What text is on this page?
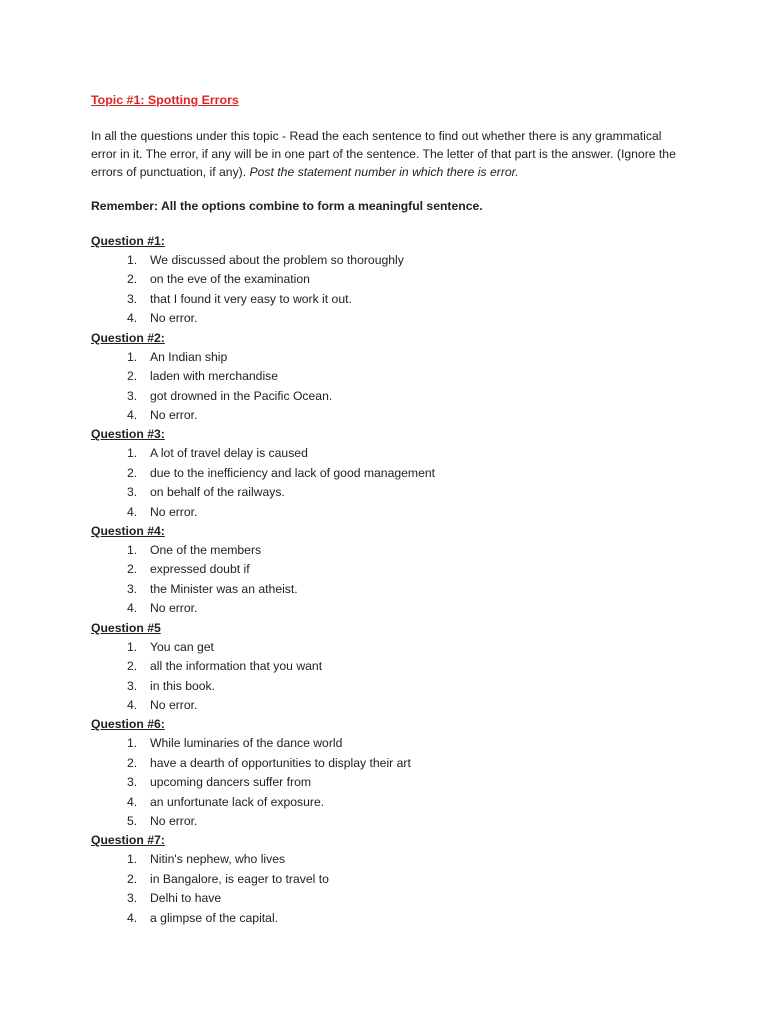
Topic #1: Spotting Errors

In all the questions under this topic - Read the each sentence to find out whether there is any grammatical error in it. The error, if any will be in one part of the sentence. The letter of that part is the answer. (Ignore the errors of punctuation, if any). Post the statement number in which there is error.

Remember: All the options combine to form a meaningful sentence.

Question #1:
1. We discussed about the problem so thoroughly
2. on the eve of the examination
3. that I found it very easy to work it out.
4. No error.
Question #2:
1. An Indian ship
2. laden with merchandise
3. got drowned in the Pacific Ocean.
4. No error.
Question #3:
1. A lot of travel delay is caused
2. due to the inefficiency and lack of good management
3. on behalf of the railways.
4. No error.
Question #4:
1. One of the members
2. expressed doubt if
3. the Minister was an atheist.
4. No error.
Question #5
1. You can get
2. all the information that you want
3. in this book.
4. No error.
Question #6:
1. While luminaries of the dance world
2. have a dearth of opportunities to display their art
3. upcoming dancers suffer from
4. an unfortunate lack of exposure.
5. No error.
Question #7:
1. Nitin's nephew, who lives
2. in Bangalore, is eager to travel to
3. Delhi to have
4. a glimpse of the capital.
